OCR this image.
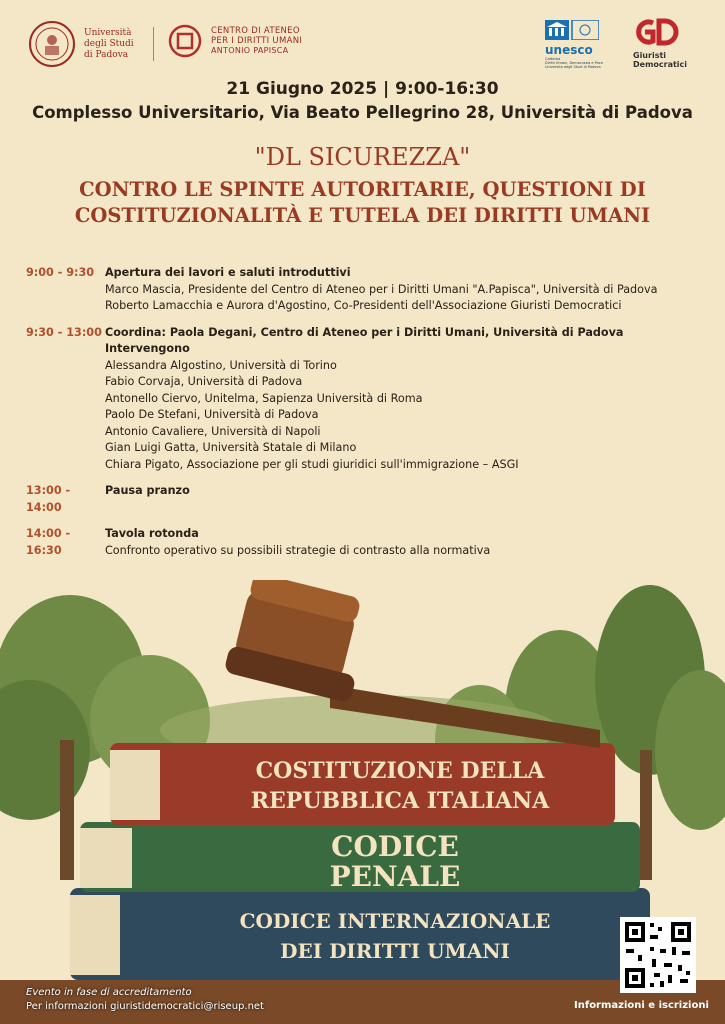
Università
degli Studi
di Padova
CENTRO DI ATENEO
PER I DIRITTI UMANI
ANTONIO PAPISCA	unesco
Cattedra
Diritti Umani, Democrazia e Pace
Università degli Studi di Padova
Giuristi
Democratici
21 Giugno 2025 | 9:00-16:30
Complesso Universitario, Via Beato Pellegrino 28, Università di Padova
"DL SICUREZZA"
CONTRO LE SPINTE AUTORITARIE, QUESTIONI DI
COSTITUZIONALITÀ E TUTELA DEI DIRITTI UMANI
9:00 - 9:30 Apertura dei lavori e saluti introduttivi
Marco Mascia, Presidente del Centro di Ateneo per i Diritti Umani "A.Papisca", Università di Padova
Roberto Lamacchia e Aurora d'Agostino, Co-Presidenti dell'Associazione Giuristi Democratici
9:30 - 13:00 Coordina: Paola Degani, Centro di Ateneo per i Diritti Umani, Università di Padova
Intervengono
Alessandra Algostino, Università di Torino
Fabio Corvaja, Università di Padova
Antonello Ciervo, Unitelma, Sapienza Università di Roma
Paolo De Stefani, Università di Padova
Antonio Cavaliere, Università di Napoli
Gian Luigi Gatta, Università Statale di Milano
Chiara Pigato, Associazione per gli studi giuridici sull'immigrazione – ASGI
13:00 - 14:00
Pausa pranzo
14:00 - 16:30
Tavola rotonda
Confronto operativo su possibili strategie di contrasto alla normativa
CODICE INTERNAZIONALE
DEI DIRITTI UMANI
CODICE
PENALE
COSTITUZIONE DELLA
REPUBBLICA ITALIANA
Evento in fase di accreditamento
Per informazioni giuristidemocratici@riseup.net	Informazioni e iscrizioni
